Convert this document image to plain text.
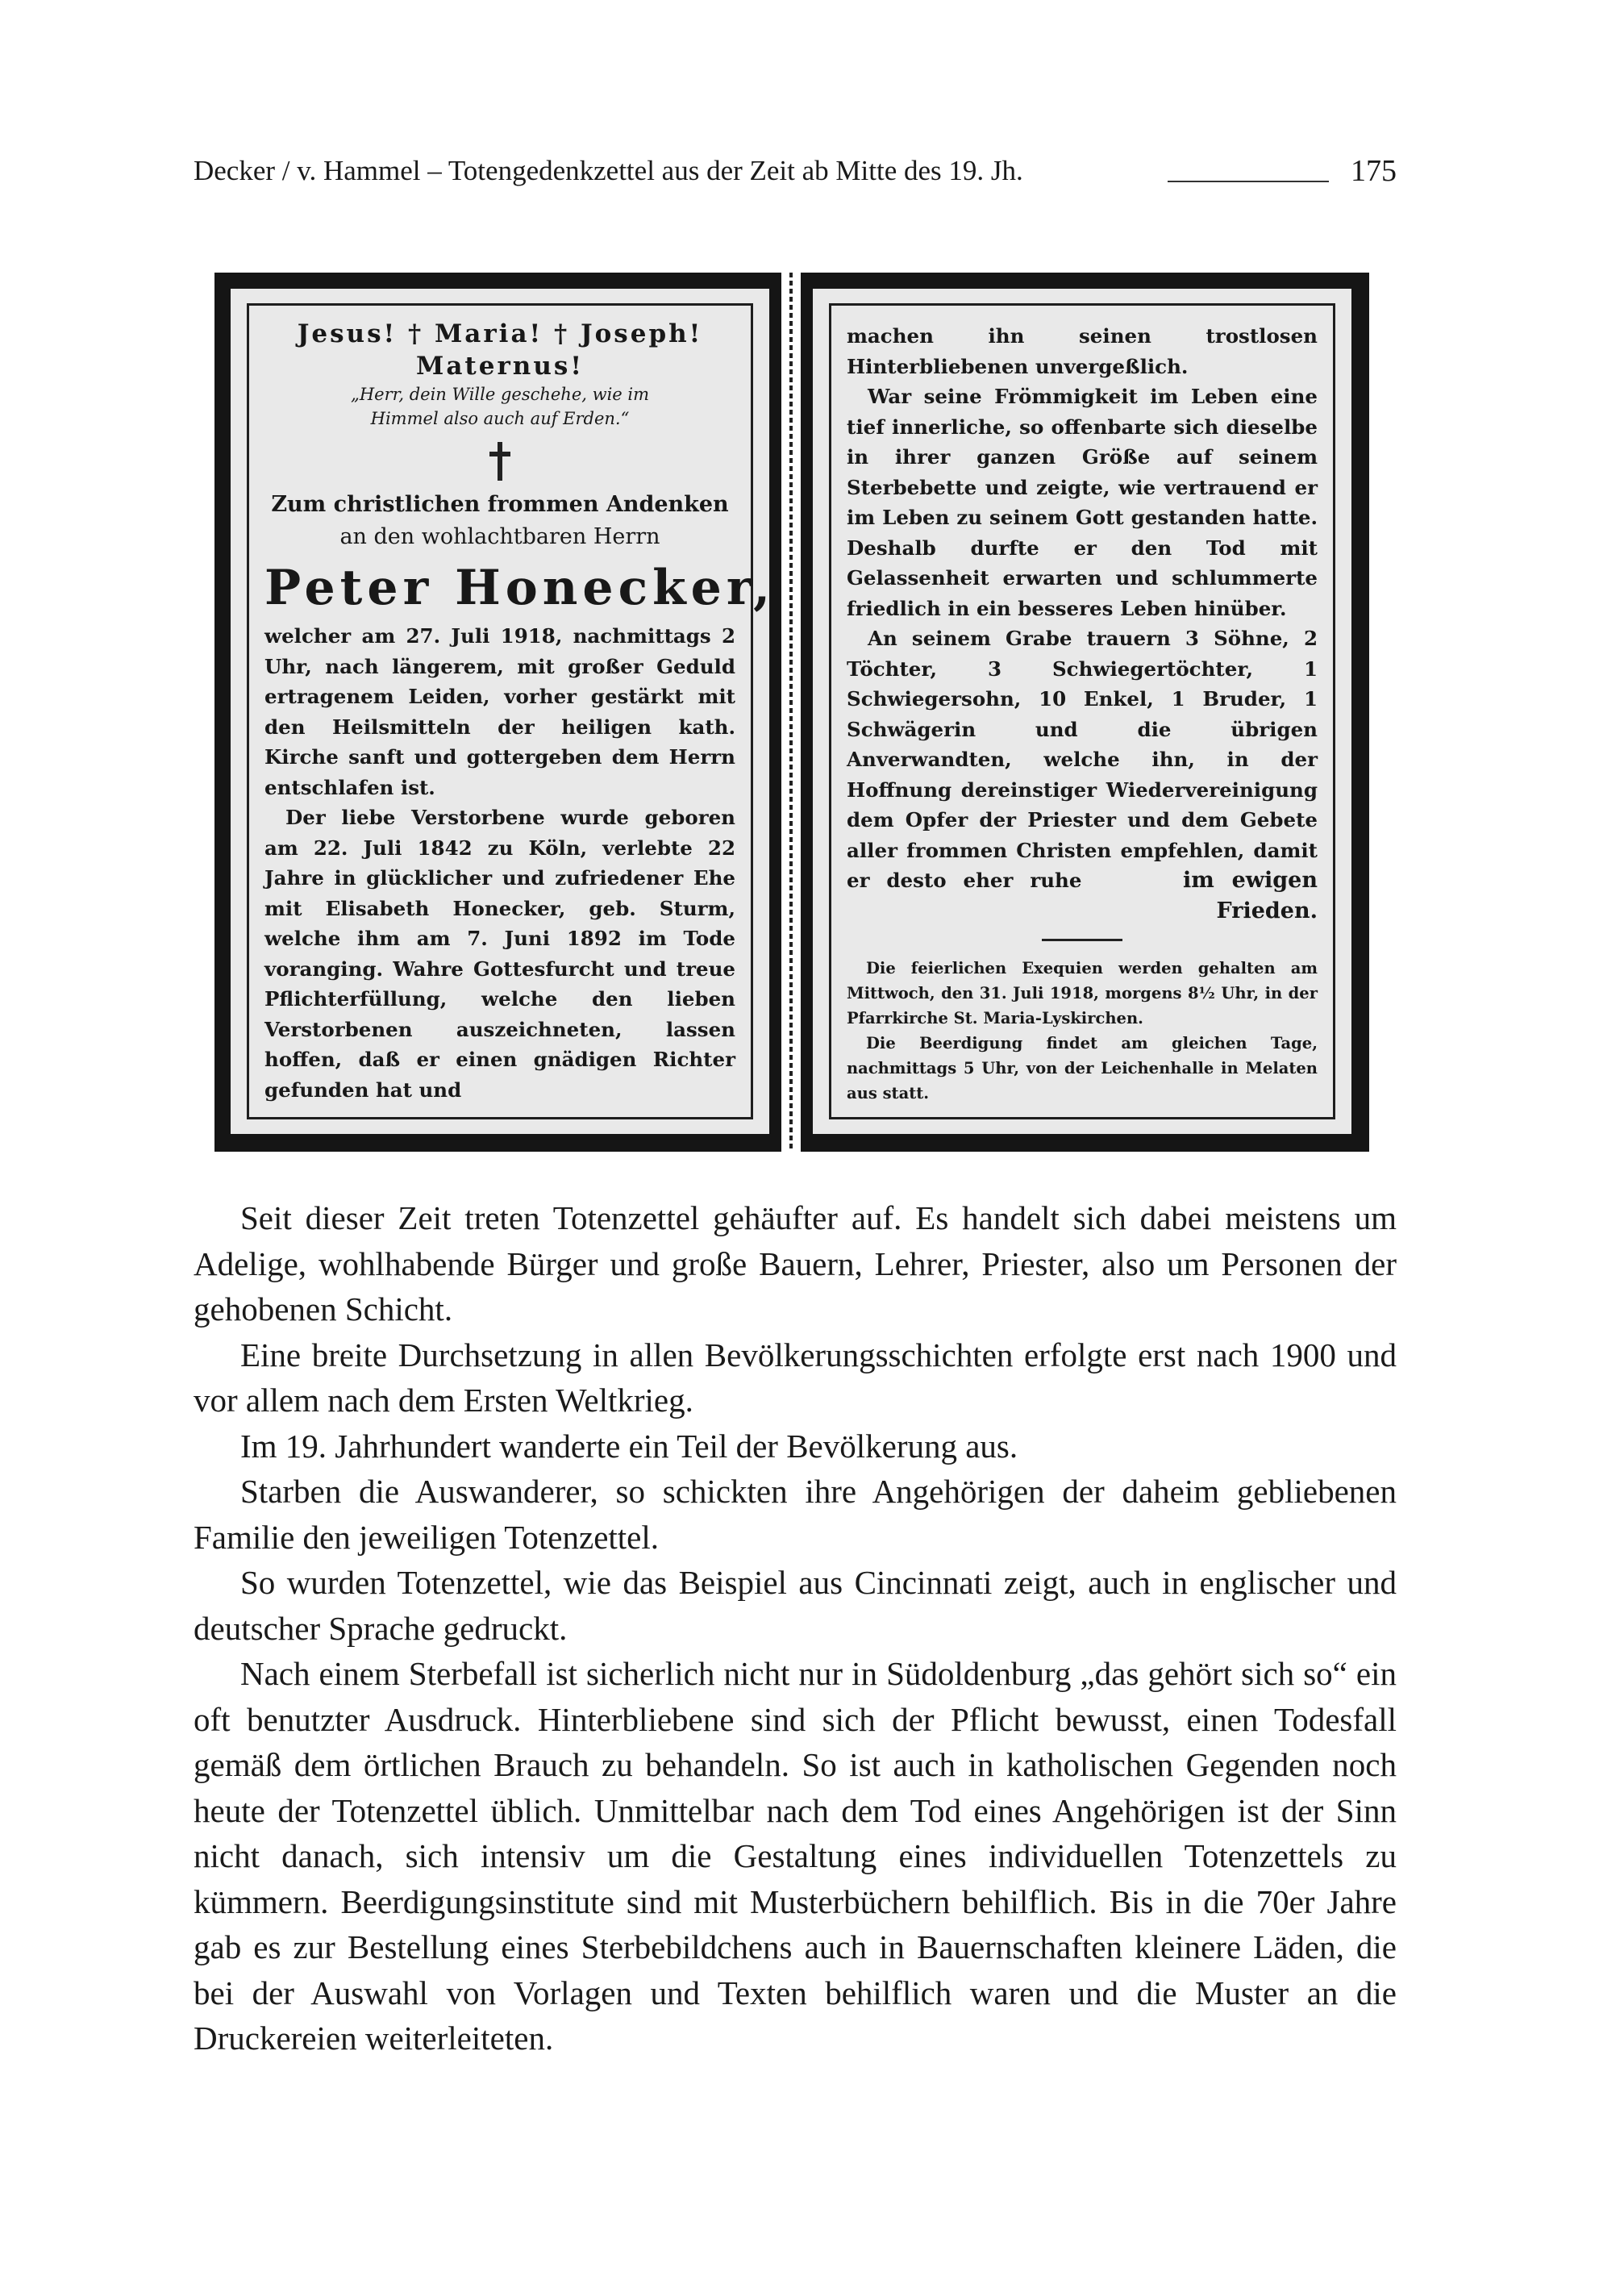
Decker / v. Hammel – Totengedenkzettel aus der Zeit ab Mitte des 19. Jh.	175
Jesus! † Maria! † Joseph!
Maternus!
„Herr, dein Wille geschehe, wie im
Himmel also auch auf Erden.“
Zum christlichen frommen Andenken
an den wohlachtbaren Herrn
Peter Honecker,

welcher am 27. Juli 1918, nachmittags 2 Uhr, nach längerem, mit großer Geduld ertragenem Leiden, vorher gestärkt mit den Heilsmitteln der heiligen kath. Kirche sanft und gottergeben dem Herrn entschlafen ist.

Der liebe Verstorbene wurde geboren am 22. Juli 1842 zu Köln, verlebte 22 Jahre in glücklicher und zufriedener Ehe mit Elisabeth Honecker, geb. Sturm, welche ihm am 7. Juni 1892 im Tode voranging. Wahre Gottesfurcht und treue Pflichterfüllung, welche den lieben Verstorbenen auszeichneten, lassen hoffen, daß er einen gnädigen Richter gefunden hat und

machen ihn seinen trostlosen Hinterbliebenen unvergeßlich.

War seine Frömmigkeit im Leben eine tief innerliche, so offenbarte sich dieselbe in ihrer ganzen Größe auf seinem Sterbebette und zeigte, wie vertrauend er im Leben zu seinem Gott gestanden hatte. Deshalb durfte er den Tod mit Gelassenheit erwarten und schlummerte friedlich in ein besseres Leben hinüber.

An seinem Grabe trauern 3 Söhne, 2 Töchter, 3 Schwiegertöchter, 1 Schwiegersohn, 10 Enkel, 1 Bruder, 1 Schwägerin und die übrigen Anverwandten, welche ihn, in der Hoffnung dereinstiger Wiedervereinigung dem Opfer der Priester und dem Gebete aller frommen Christen empfehlen, damit er desto eher ruhe	im ewigen Frieden.

Die feierlichen Exequien werden gehalten am Mittwoch, den 31. Juli 1918, morgens 8½ Uhr, in der Pfarrkirche St. Maria-Lyskirchen.

Die Beerdigung findet am gleichen Tage, nachmittags 5 Uhr, von der Leichenhalle in Melaten aus statt.

Seit dieser Zeit treten Totenzettel gehäufter auf. Es handelt sich dabei meistens um Adelige, wohlhabende Bürger und große Bauern, Lehrer, Priester, also um Personen der gehobenen Schicht.

Eine breite Durchsetzung in allen Bevölkerungsschichten erfolgte erst nach 1900 und vor allem nach dem Ersten Weltkrieg.

Im 19. Jahrhundert wanderte ein Teil der Bevölkerung aus.

Starben die Auswanderer, so schickten ihre Angehörigen der daheim gebliebenen Familie den jeweiligen Totenzettel.

So wurden Totenzettel, wie das Beispiel aus Cincinnati zeigt, auch in englischer und deutscher Sprache gedruckt.

Nach einem Sterbefall ist sicherlich nicht nur in Südoldenburg „das gehört sich so“ ein oft benutzter Ausdruck. Hinterbliebene sind sich der Pflicht bewusst, einen Todesfall gemäß dem örtlichen Brauch zu behandeln. So ist auch in katholischen Gegenden noch heute der Totenzettel üblich. Unmittelbar nach dem Tod eines Angehörigen ist der Sinn nicht danach, sich intensiv um die Gestaltung eines individuellen Totenzettels zu kümmern. Beerdigungsinstitute sind mit Musterbüchern behilflich. Bis in die 70er Jahre gab es zur Bestellung eines Sterbebildchens auch in Bauernschaften kleinere Läden, die bei der Auswahl von Vorlagen und Texten behilflich waren und die Muster an die Druckereien weiterleiteten.
